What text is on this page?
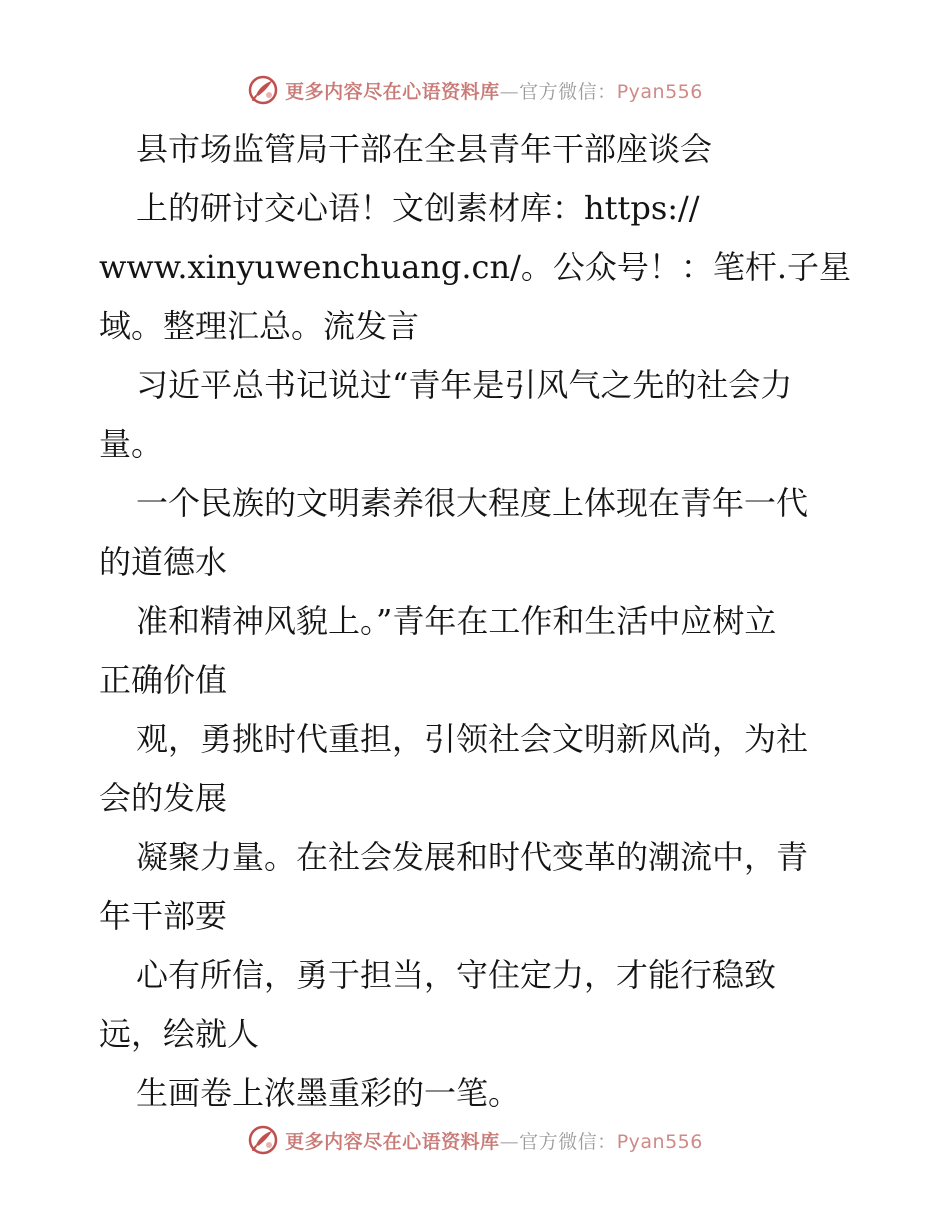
更多内容尽在心语资料库—官方微信：Pyan556
县市场监管局干部在全县青年干部座谈会
上的研讨交心语！文创素材库：https://
www.xinyuwenchuang.cn/。公众号！：笔杆.子星
域。整理汇总。流发言
习近平总书记说过“青年是引风气之先的社会力
量。
一个民族的文明素养很大程度上体现在青年一代
的道德水
准和精神风貌上。”青年在工作和生活中应树立
正确价值
观，勇挑时代重担，引领社会文明新风尚，为社
会的发展
凝聚力量。在社会发展和时代变革的潮流中，青
年干部要
心有所信，勇于担当，守住定力，才能行稳致
远，绘就人
生画卷上浓墨重彩的一笔。
更多内容尽在心语资料库—官方微信：Pyan556
